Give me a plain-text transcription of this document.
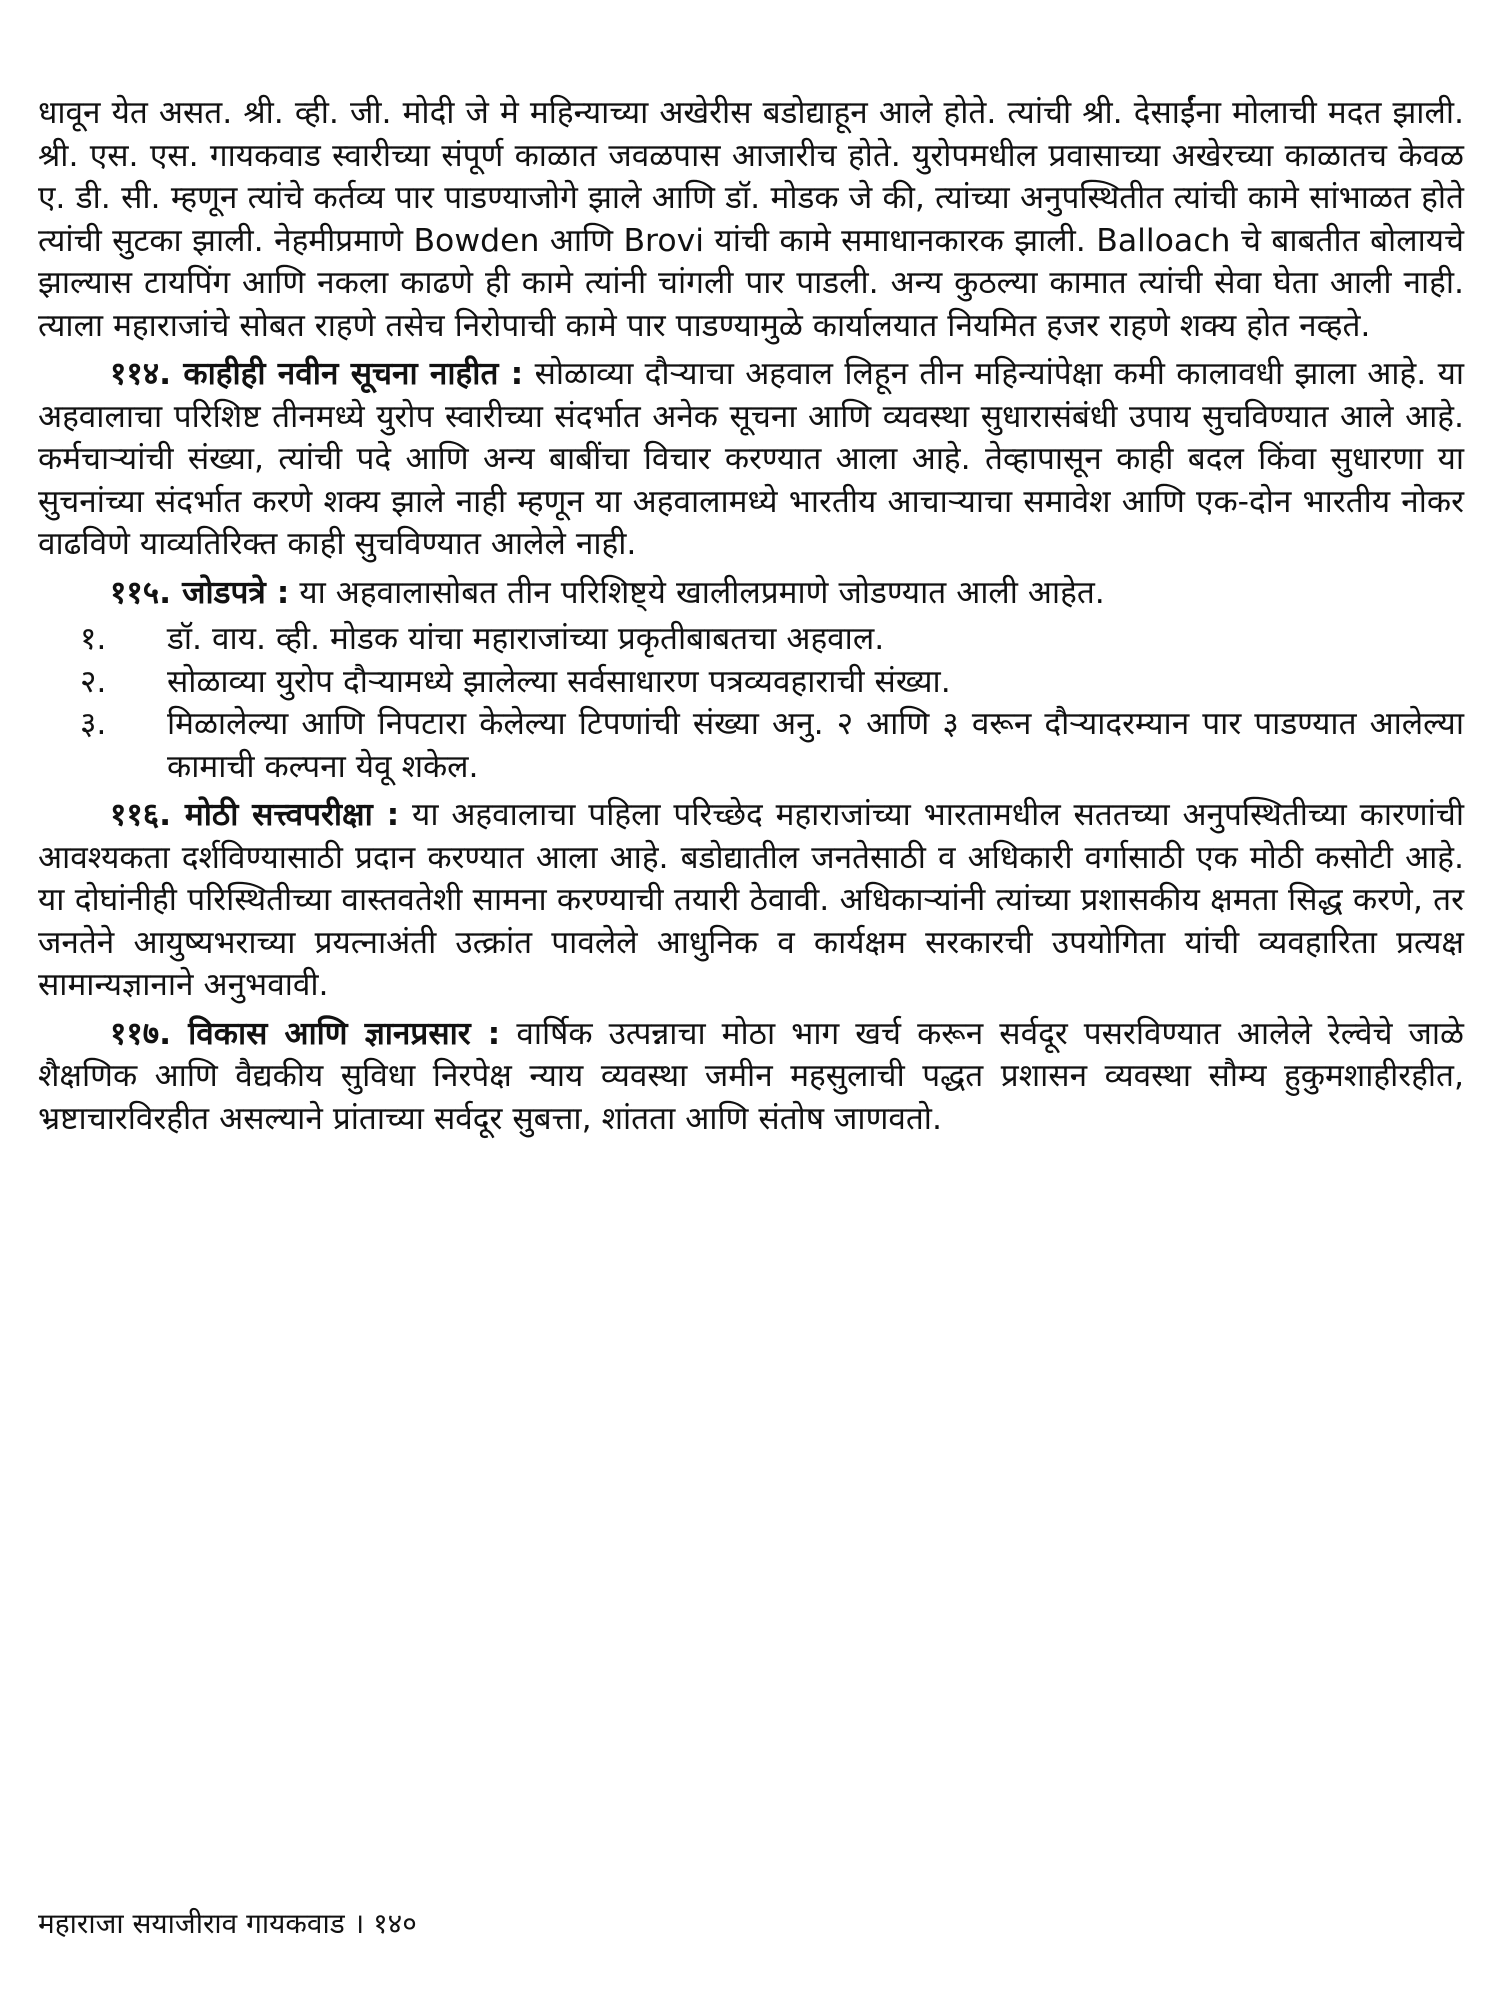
धावून येत असत. श्री. व्ही. जी. मोदी जे मे महिन्याच्या अखेरीस बडोद्याहून आले होते. त्यांची श्री. देसाईंना मोलाची मदत झाली. श्री. एस. एस. गायकवाड स्वारीच्या संपूर्ण काळात जवळपास आजारीच होते. युरोपमधील प्रवासाच्या अखेरच्या काळातच केवळ ए. डी. सी. म्हणून त्यांचे कर्तव्य पार पाडण्याजोगे झाले आणि डॉ. मोडक जे की, त्यांच्या अनुपस्थितीत त्यांची कामे सांभाळत होते त्यांची सुटका झाली. नेहमीप्रमाणे Bowden आणि Brovi यांची कामे समाधानकारक झाली. Balloach चे बाबतीत बोलायचे झाल्यास टायपिंग आणि नकला काढणे ही कामे त्यांनी चांगली पार पाडली. अन्य कुठल्या कामात त्यांची सेवा घेता आली नाही. त्याला महाराजांचे सोबत राहणे तसेच निरोपाची कामे पार पाडण्यामुळे कार्यालयात नियमित हजर राहणे शक्य होत नव्हते.

११४. काहीही नवीन सूचना नाहीत : सोळाव्या दौऱ्याचा अहवाल लिहून तीन महिन्यांपेक्षा कमी कालावधी झाला आहे. या अहवालाचा परिशिष्ट तीनमध्ये युरोप स्वारीच्या संदर्भात अनेक सूचना आणि व्यवस्था सुधारासंबंधी उपाय सुचविण्यात आले आहे. कर्मचाऱ्यांची संख्या, त्यांची पदे आणि अन्य बाबींचा विचार करण्यात आला आहे. तेव्हापासून काही बदल किंवा सुधारणा या सुचनांच्या संदर्भात करणे शक्य झाले नाही म्हणून या अहवालामध्ये भारतीय आचाऱ्याचा समावेश आणि एक-दोन भारतीय नोकर वाढविणे याव्यतिरिक्त काही सुचविण्यात आलेले नाही.

११५. जोडपत्रे : या अहवालासोबत तीन परिशिष्ट्ये खालीलप्रमाणे जोडण्यात आली आहेत.

१. डॉ. वाय. व्ही. मोडक यांचा महाराजांच्या प्रकृतीबाबतचा अहवाल.
२. सोळाव्या युरोप दौऱ्यामध्ये झालेल्या सर्वसाधारण पत्रव्यवहाराची संख्या.
३. मिळालेल्या आणि निपटारा केलेल्या टिपणांची संख्या अनु. २ आणि ३ वरून दौऱ्यादरम्यान पार पाडण्यात आलेल्या कामाची कल्पना येवू शकेल.

११६. मोठी सत्त्वपरीक्षा : या अहवालाचा पहिला परिच्छेद महाराजांच्या भारतामधील सततच्या अनुपस्थितीच्या कारणांची आवश्यकता दर्शविण्यासाठी प्रदान करण्यात आला आहे. बडोद्यातील जनतेसाठी व अधिकारी वर्गासाठी एक मोठी कसोटी आहे. या दोघांनीही परिस्थितीच्या वास्तवतेशी सामना करण्याची तयारी ठेवावी. अधिकाऱ्यांनी त्यांच्या प्रशासकीय क्षमता सिद्ध करणे, तर जनतेने आयुष्यभराच्या प्रयत्नाअंती उत्क्रांत पावलेले आधुनिक व कार्यक्षम सरकारची उपयोगिता यांची व्यवहारिता प्रत्यक्ष सामान्यज्ञानाने अनुभवावी.

११७. विकास आणि ज्ञानप्रसार : वार्षिक उत्पन्नाचा मोठा भाग खर्च करून सर्वदूर पसरविण्यात आलेले रेल्वेचे जाळे शैक्षणिक आणि वैद्यकीय सुविधा निरपेक्ष न्याय व्यवस्था जमीन महसुलाची पद्धत प्रशासन व्यवस्था सौम्य हुकुमशाहीरहीत, भ्रष्टाचारविरहीत असल्याने प्रांताच्या सर्वदूर सुबत्ता, शांतता आणि संतोष जाणवतो.

महाराजा सयाजीराव गायकवाड । १४०
